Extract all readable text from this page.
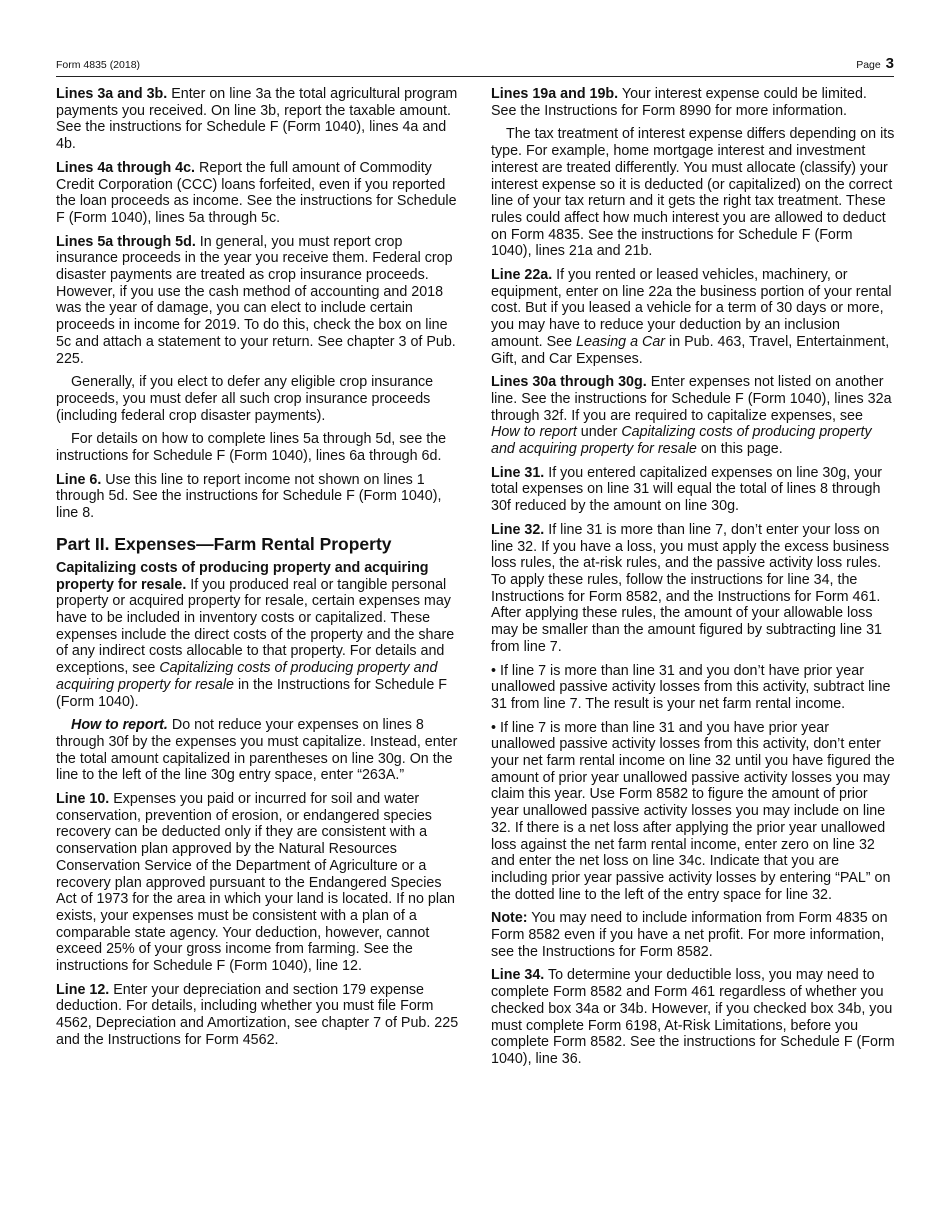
Form 4835 (2018)	Page 3

Lines 3a and 3b. Enter on line 3a the total agricultural program payments you received. On line 3b, report the taxable amount. See the instructions for Schedule F (Form 1040), lines 4a and 4b.

Lines 4a through 4c. Report the full amount of Commodity Credit Corporation (CCC) loans forfeited, even if you reported the loan proceeds as income. See the instructions for Schedule F (Form 1040), lines 5a through 5c.

Lines 5a through 5d. In general, you must report crop insurance proceeds in the year you receive them. Federal crop disaster payments are treated as crop insurance proceeds. However, if you use the cash method of accounting and 2018 was the year of damage, you can elect to include certain proceeds in income for 2019. To do this, check the box on line 5c and attach a statement to your return. See chapter 3 of Pub. 225.

Generally, if you elect to defer any eligible crop insurance proceeds, you must defer all such crop insurance proceeds (including federal crop disaster payments).

For details on how to complete lines 5a through 5d, see the instructions for Schedule F (Form 1040), lines 6a through 6d.

Line 6. Use this line to report income not shown on lines 1 through 5d. See the instructions for Schedule F (Form 1040), line 8.

Part II. Expenses—Farm Rental Property

Capitalizing costs of producing property and acquiring property for resale. If you produced real or tangible personal property or acquired property for resale, certain expenses may have to be included in inventory costs or capitalized. These expenses include the direct costs of the property and the share of any indirect costs allocable to that property. For details and exceptions, see Capitalizing costs of producing property and acquiring property for resale in the Instructions for Schedule F (Form 1040).

How to report. Do not reduce your expenses on lines 8 through 30f by the expenses you must capitalize. Instead, enter the total amount capitalized in parentheses on line 30g. On the line to the left of the line 30g entry space, enter “263A.”

Line 10. Expenses you paid or incurred for soil and water conservation, prevention of erosion, or endangered species recovery can be deducted only if they are consistent with a conservation plan approved by the Natural Resources Conservation Service of the Department of Agriculture or a recovery plan approved pursuant to the Endangered Species Act of 1973 for the area in which your land is located. If no plan exists, your expenses must be consistent with a plan of a comparable state agency. Your deduction, however, cannot exceed 25% of your gross income from farming. See the instructions for Schedule F (Form 1040), line 12.

Line 12. Enter your depreciation and section 179 expense deduction. For details, including whether you must file Form 4562, Depreciation and Amortization, see chapter 7 of Pub. 225 and the Instructions for Form 4562.

Lines 19a and 19b. Your interest expense could be limited. See the Instructions for Form 8990 for more information.

The tax treatment of interest expense differs depending on its type. For example, home mortgage interest and investment interest are treated differently. You must allocate (classify) your interest expense so it is deducted (or capitalized) on the correct line of your tax return and it gets the right tax treatment. These rules could affect how much interest you are allowed to deduct on Form 4835. See the instructions for Schedule F (Form 1040), lines 21a and 21b.

Line 22a. If you rented or leased vehicles, machinery, or equipment, enter on line 22a the business portion of your rental cost. But if you leased a vehicle for a term of 30 days or more, you may have to reduce your deduction by an inclusion amount. See Leasing a Car in Pub. 463, Travel, Entertainment, Gift, and Car Expenses.

Lines 30a through 30g. Enter expenses not listed on another line. See the instructions for Schedule F (Form 1040), lines 32a through 32f. If you are required to capitalize expenses, see How to report under Capitalizing costs of producing property and acquiring property for resale on this page.

Line 31. If you entered capitalized expenses on line 30g, your total expenses on line 31 will equal the total of lines 8 through 30f reduced by the amount on line 30g.

Line 32. If line 31 is more than line 7, don’t enter your loss on line 32. If you have a loss, you must apply the excess business loss rules, the at-risk rules, and the passive activity loss rules. To apply these rules, follow the instructions for line 34, the Instructions for Form 8582, and the Instructions for Form 461. After applying these rules, the amount of your allowable loss may be smaller than the amount figured by subtracting line 31 from line 7.

• If line 7 is more than line 31 and you don’t have prior year unallowed passive activity losses from this activity, subtract line 31 from line 7. The result is your net farm rental income.

• If line 7 is more than line 31 and you have prior year unallowed passive activity losses from this activity, don’t enter your net farm rental income on line 32 until you have figured the amount of prior year unallowed passive activity losses you may claim this year. Use Form 8582 to figure the amount of prior year unallowed passive activity losses you may include on line 32. If there is a net loss after applying the prior year unallowed loss against the net farm rental income, enter zero on line 32 and enter the net loss on line 34c. Indicate that you are including prior year passive activity losses by entering “PAL” on the dotted line to the left of the entry space for line 32.

Note: You may need to include information from Form 4835 on Form 8582 even if you have a net profit. For more information, see the Instructions for Form 8582.

Line 34. To determine your deductible loss, you may need to complete Form 8582 and Form 461 regardless of whether you checked box 34a or 34b. However, if you checked box 34b, you must complete Form 6198, At-Risk Limitations, before you complete Form 8582. See the instructions for Schedule F (Form 1040), line 36.
